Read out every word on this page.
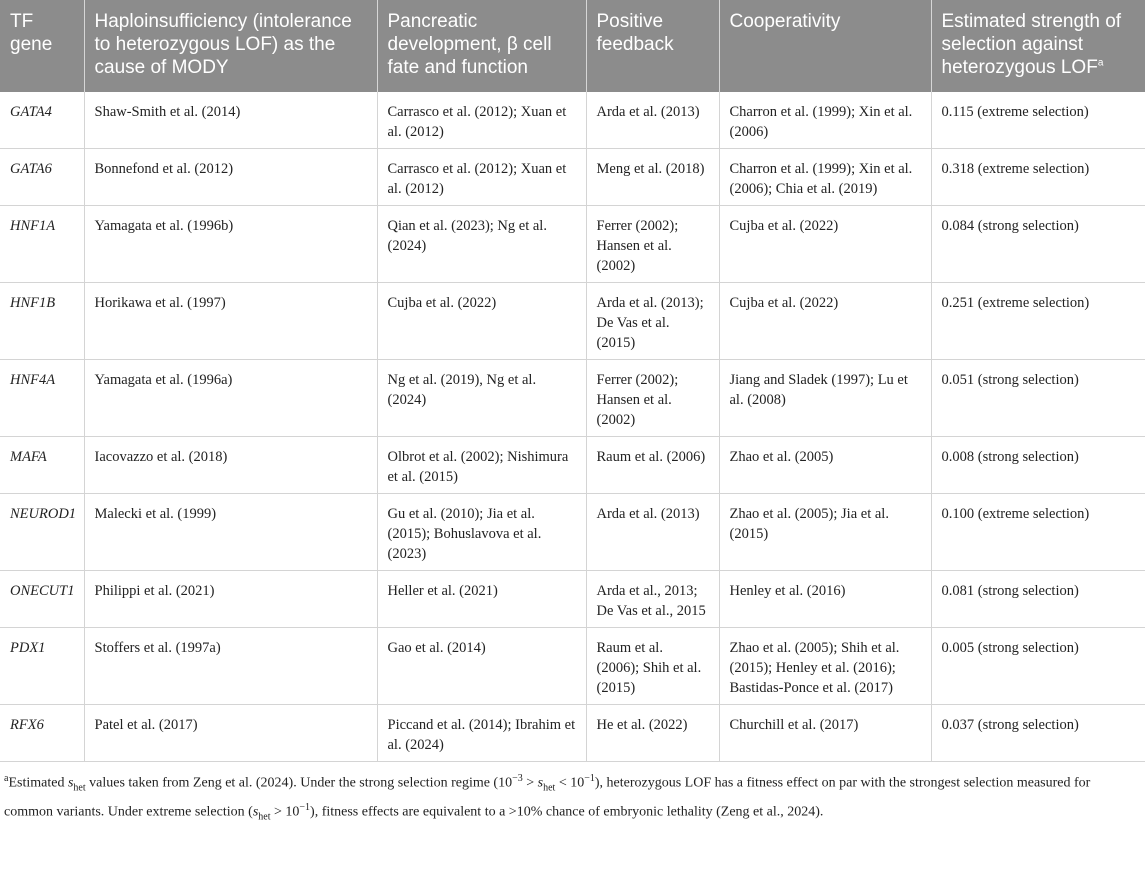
TF gene	Haploinsufficiency (intolerance to heterozygous LOF) as the cause of MODY	Pancreatic development, β cell fate and function	Positive feedback	Cooperativity	Estimated strength of selection against heterozygous LOF$^a$
GATA4	Shaw-Smith et al. (2014)	Carrasco et al. (2012); Xuan et al. (2012)	Arda et al. (2013)	Charron et al. (1999); Xin et al. (2006)	0.115 (extreme selection)
GATA6	Bonnefond et al. (2012)	Carrasco et al. (2012); Xuan et al. (2012)	Meng et al. (2018)	Charron et al. (1999); Xin et al. (2006); Chia et al. (2019)	0.318 (extreme selection)
HNF1A	Yamagata et al. (1996b)	Qian et al. (2023); Ng et al. (2024)	Ferrer (2002); Hansen et al. (2002)	Cujba et al. (2022)	0.084 (strong selection)
HNF1B	Horikawa et al. (1997)	Cujba et al. (2022)	Arda et al. (2013); De Vas et al. (2015)	Cujba et al. (2022)	0.251 (extreme selection)
HNF4A	Yamagata et al. (1996a)	Ng et al. (2019), Ng et al. (2024)	Ferrer (2002); Hansen et al. (2002)	Jiang and Sladek (1997); Lu et al. (2008)	0.051 (strong selection)
MAFA	Iacovazzo et al. (2018)	Olbrot et al. (2002); Nishimura et al. (2015)	Raum et al. (2006)	Zhao et al. (2005)	0.008 (strong selection)
NEUROD1	Malecki et al. (1999)	Gu et al. (2010); Jia et al. (2015); Bohuslavova et al. (2023)	Arda et al. (2013)	Zhao et al. (2005); Jia et al. (2015)	0.100 (extreme selection)
ONECUT1	Philippi et al. (2021)	Heller et al. (2021)	Arda et al., 2013; De Vas et al., 2015	Henley et al. (2016)	0.081 (strong selection)
PDX1	Stoffers et al. (1997a)	Gao et al. (2014)	Raum et al. (2006); Shih et al. (2015)	Zhao et al. (2005); Shih et al. (2015); Henley et al. (2016); Bastidas-Ponce et al. (2017)	0.005 (strong selection)
RFX6	Patel et al. (2017)	Piccand et al. (2014); Ibrahim et al. (2024)	He et al. (2022)	Churchill et al. (2017)	0.037 (strong selection)
$^a$Estimated $s_{het}$ values taken from Zeng et al. (2024). Under the strong selection regime $(10^{-3} > s_{het} < 10^{-1})$, heterozygous LOF has a fitness effect on par with the strongest selection measured for common variants. Under extreme selection $(s_{het} > 10^{-1})$, fitness effects are equivalent to a >10% chance of embryonic lethality (Zeng et al., 2024).
